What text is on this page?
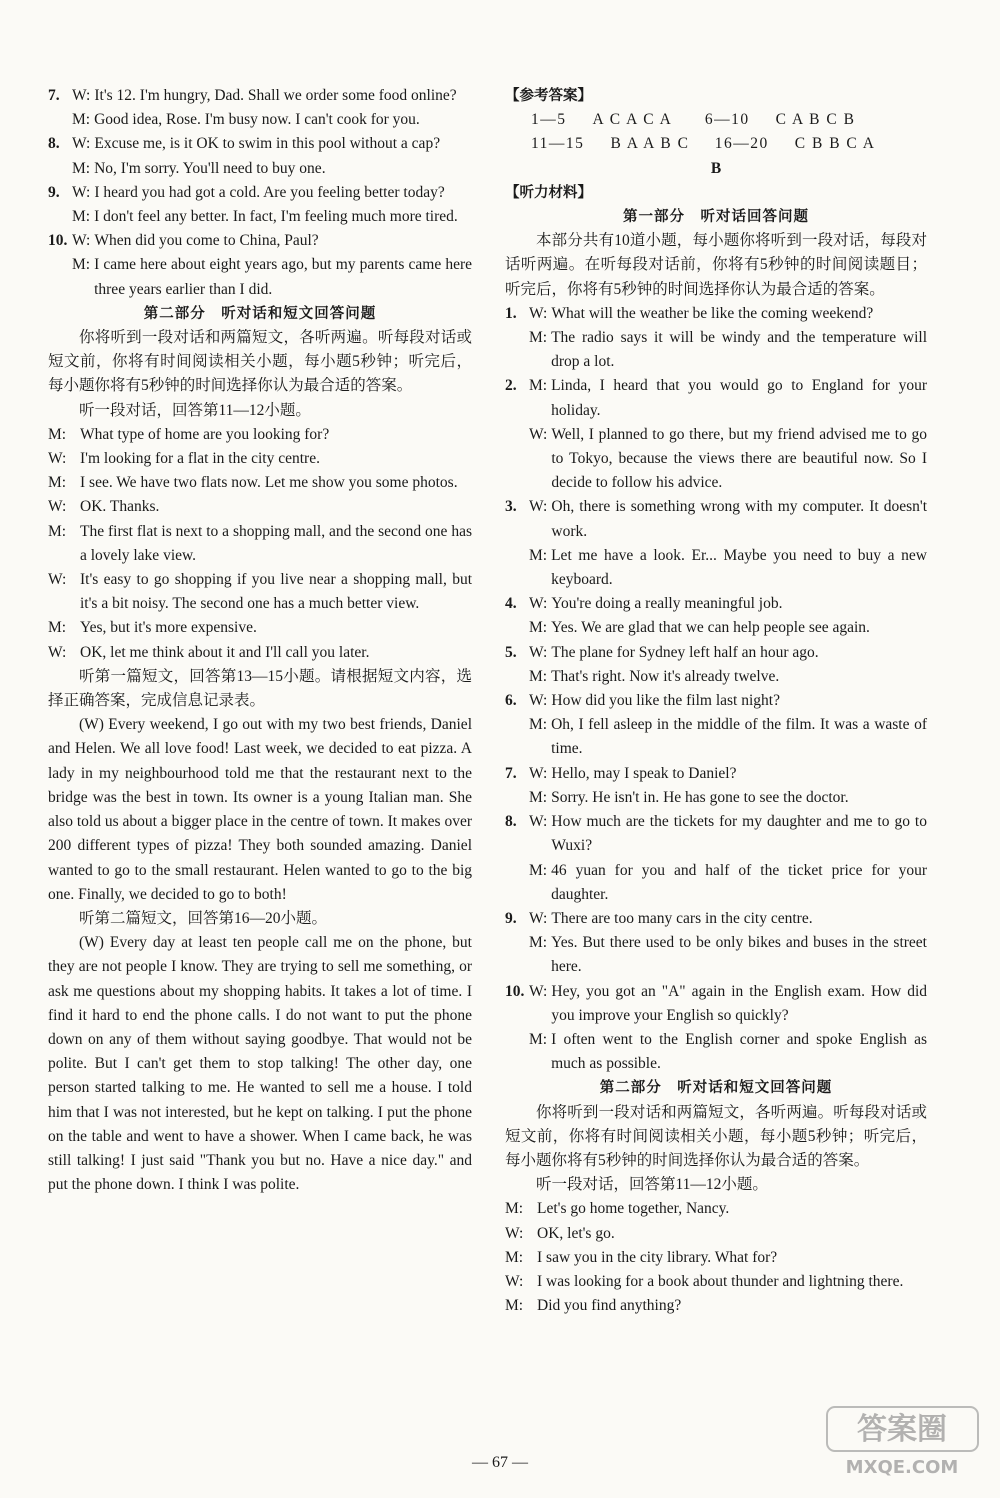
7. W: It's 12. I'm hungry, Dad. Shall we order some food online?
M: Good idea, Rose. I'm busy now. I can't cook for you.
8. W: Excuse me, is it OK to swim in this pool without a cap?
M: No, I'm sorry. You'll need to buy one.
9. W: I heard you had got a cold. Are you feeling better today?
M: I don't feel any better. In fact, I'm feeling much more tired.
10. W: When did you come to China, Paul?
M: I came here about eight years ago, but my parents came here three years earlier than I did.
第二部分　听对话和短文回答问题
你将听到一段对话和两篇短文，各听两遍。听每段对话或短文前，你将有时间阅读相关小题，每小题5秒钟；听完后，每小题你将有5秒钟的时间选择你认为最合适的答案。
听一段对话，回答第11—12小题。
M: What type of home are you looking for?
W: I'm looking for a flat in the city centre.
M: I see. We have two flats now. Let me show you some photos.
W: OK. Thanks.
M: The first flat is next to a shopping mall, and the second one has a lovely lake view.
W: It's easy to go shopping if you live near a shopping mall, but it's a bit noisy. The second one has a much better view.
M: Yes, but it's more expensive.
W: OK, let me think about it and I'll call you later.
听第一篇短文，回答第13—15小题。请根据短文内容，选择正确答案，完成信息记录表。
(W) Every weekend, I go out with my two best friends, Daniel and Helen. We all love food! Last week, we decided to eat pizza. A lady in my neighbourhood told me that the restaurant next to the bridge was the best in town. Its owner is a young Italian man. She also told us about a bigger place in the centre of town. It makes over 200 different types of pizza! They both sounded amazing. Daniel wanted to go to the small restaurant. Helen wanted to go to the big one. Finally, we decided to go to both!
听第二篇短文，回答第16—20小题。
(W) Every day at least ten people call me on the phone, but they are not people I know. They are trying to sell me something, or ask me questions about my shopping habits. It takes a lot of time. I find it hard to end the phone calls. I do not want to put the phone down on any of them without saying goodbye. That would not be polite. But I can't get them to stop talking! The other day, one person started talking to me. He wanted to sell me a house. I told him that I was not interested, but he kept on talking. I put the phone on the table and went to have a shower. When I came back, he was still talking! I just said "Thank you but no. Have a nice day." and put the phone down. I think I was polite.
【参考答案】
1—5 A C A C A 6—10 C A B C B
11—15 B A A B C 16—20 C B B C A
B
【听力材料】
第一部分　听对话回答问题
本部分共有10道小题，每小题你将听到一段对话，每段对话听两遍。在听每段对话前，你将有5秒钟的时间阅读题目；听完后，你将有5秒钟的时间选择你认为最合适的答案。
1. W: What will the weather be like the coming weekend?
M: The radio says it will be windy and the temperature will drop a lot.
2. M: Linda, I heard that you would go to England for your holiday.
W: Well, I planned to go there, but my friend advised me to go to Tokyo, because the views there are beautiful now. So I decide to follow his advice.
3. W: Oh, there is something wrong with my computer. It doesn't work.
M: Let me have a look. Er... Maybe you need to buy a new keyboard.
4. W: You're doing a really meaningful job.
M: Yes. We are glad that we can help people see again.
5. W: The plane for Sydney left half an hour ago.
M: That's right. Now it's already twelve.
6. W: How did you like the film last night?
M: Oh, I fell asleep in the middle of the film. It was a waste of time.
7. W: Hello, may I speak to Daniel?
M: Sorry. He isn't in. He has gone to see the doctor.
8. W: How much are the tickets for my daughter and me to go to Wuxi?
M: 46 yuan for you and half of the ticket price for your daughter.
9. W: There are too many cars in the city centre.
M: Yes. But there used to be only bikes and buses in the street here.
10. W: Hey, you got an "A" again in the English exam. How did you improve your English so quickly?
M: I often went to the English corner and spoke English as much as possible.
第二部分　听对话和短文回答问题
你将听到一段对话和两篇短文，各听两遍。听每段对话或短文前，你将有时间阅读相关小题，每小题5秒钟；听完后，每小题你将有5秒钟的时间选择你认为最合适的答案。
听一段对话，回答第11—12小题。
M: Let's go home together, Nancy.
W: OK, let's go.
M: I saw you in the city library. What for?
W: I was looking for a book about thunder and lightning there.
M: Did you find anything?
— 67 —
答案圈
MXQE.COM
